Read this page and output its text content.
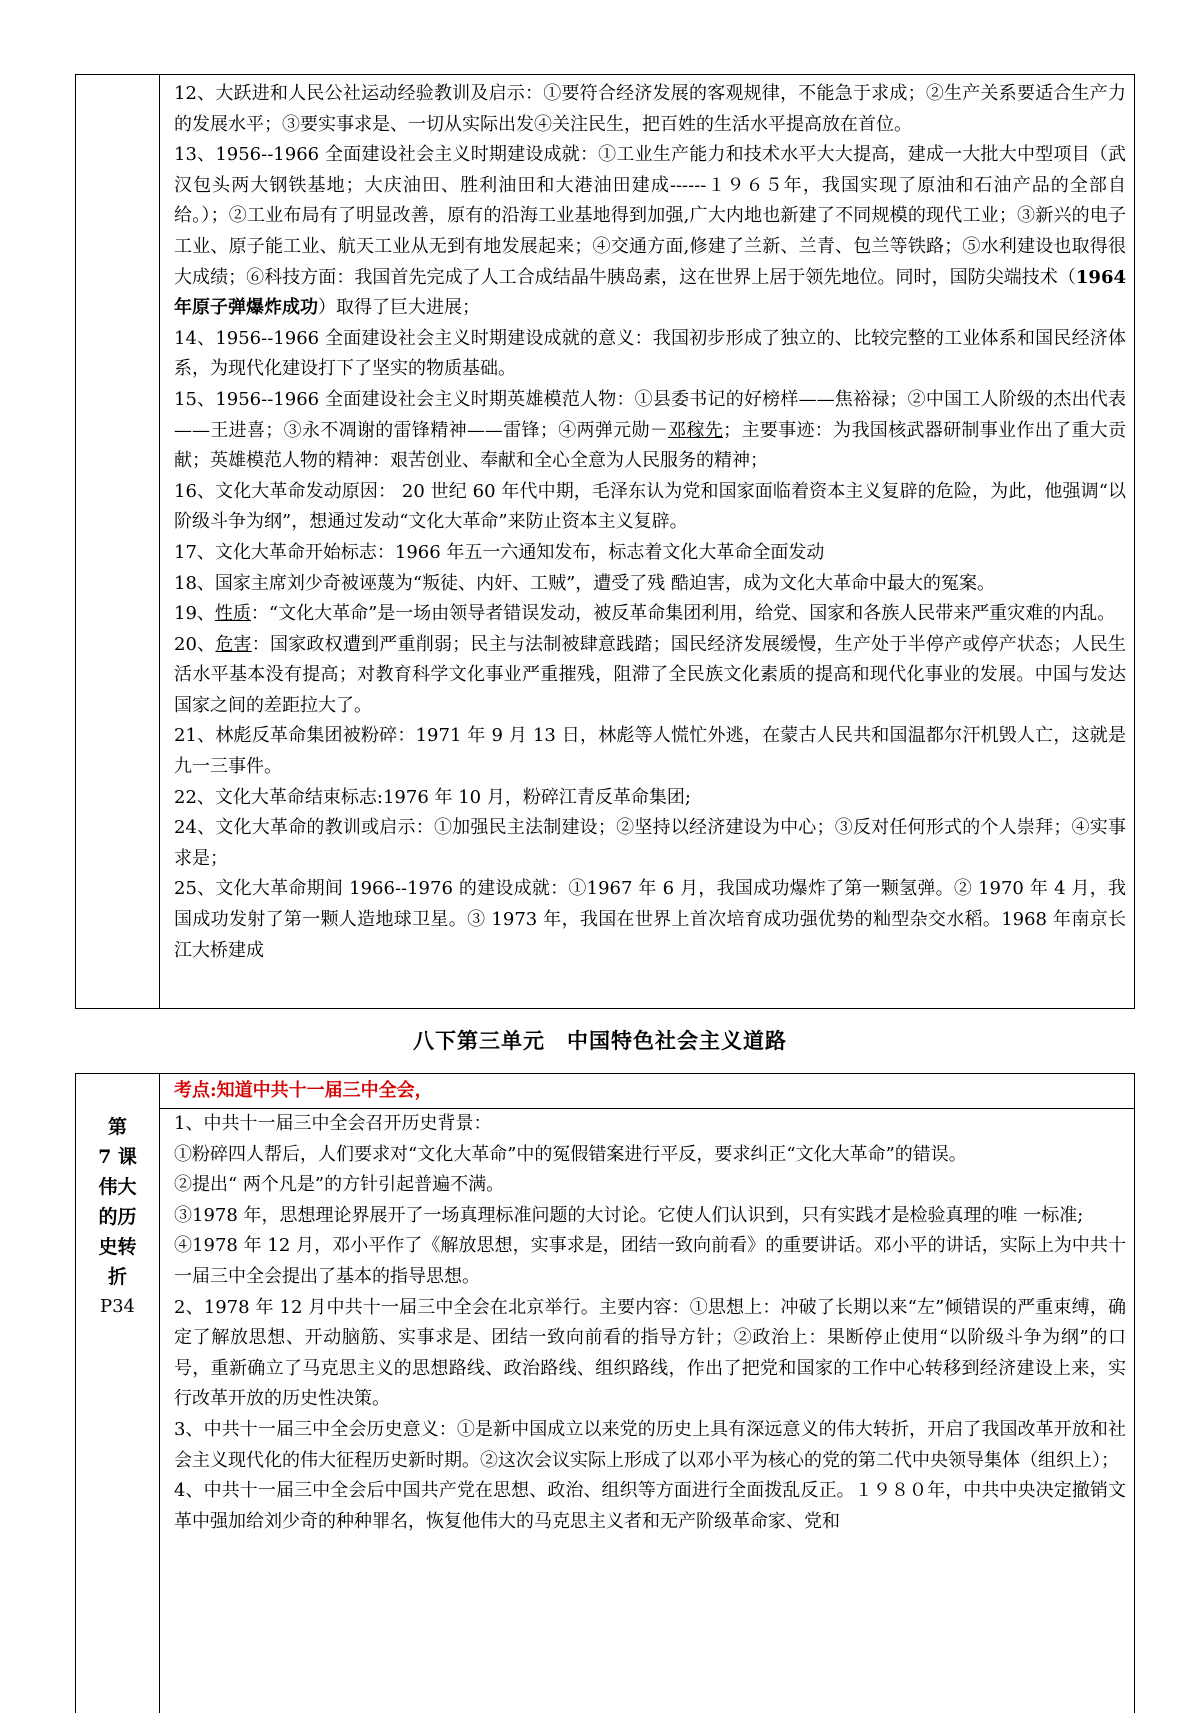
12、大跃进和人民公社运动经验教训及启示：①要符合经济发展的客观规律，不能急于求成；②生产关系要适合生产力的发展水平；③要实事求是、一切从实际出发④关注民生，把百姓的生活水平提高放在首位。

13、1956--1966 全面建设社会主义时期建设成就：①工业生产能力和技术水平大大提高，建成一大批大中型项目（武汉包头两大钢铁基地；大庆油田、胜利油田和大港油田建成------１９６５年，我国实现了原油和石油产品的全部自给。）；②工业布局有了明显改善，原有的沿海工业基地得到加强,广大内地也新建了不同规模的现代工业；③新兴的电子工业、原子能工业、航天工业从无到有地发展起来；④交通方面,修建了兰新、兰青、包兰等铁路；⑤水利建设也取得很大成绩；⑥科技方面：我国首先完成了人工合成结晶牛胰岛素，这在世界上居于领先地位。同时，国防尖端技术（1964 年原子弹爆炸成功）取得了巨大进展；

14、1956--1966 全面建设社会主义时期建设成就的意义：我国初步形成了独立的、比较完整的工业体系和国民经济体系，为现代化建设打下了坚实的物质基础。

15、1956--1966 全面建设社会主义时期英雄模范人物：①县委书记的好榜样——焦裕禄；②中国工人阶级的杰出代表——王进喜；③永不凋谢的雷锋精神——雷锋；④两弹元勋－邓稼先；主要事迹：为我国核武器研制事业作出了重大贡献；英雄模范人物的精神：艰苦创业、奉献和全心全意为人民服务的精神；

16、文化大革命发动原因： 20 世纪 60 年代中期，毛泽东认为党和国家面临着资本主义复辟的危险，为此，他强调“以阶级斗争为纲”，想通过发动“文化大革命”来防止资本主义复辟。

17、文化大革命开始标志：1966 年五一六通知发布，标志着文化大革命全面发动

18、国家主席刘少奇被诬蔑为“叛徒、内奸、工贼”，遭受了残 酷迫害，成为文化大革命中最大的冤案。

19、性质：“文化大革命”是一场由领导者错误发动，被反革命集团利用，给党、国家和各族人民带来严重灾难的内乱。

20、危害：国家政权遭到严重削弱；民主与法制被肆意践踏；国民经济发展缓慢，生产处于半停产或停产状态；人民生活水平基本没有提高；对教育科学文化事业严重摧残，阻滞了全民族文化素质的提高和现代化事业的发展。中国与发达国家之间的差距拉大了。

21、林彪反革命集团被粉碎：1971 年 9 月 13 日，林彪等人慌忙外逃，在蒙古人民共和国温都尔汗机毁人亡，这就是九一三事件。

22、文化大革命结束标志:1976 年 10 月，粉碎江青反革命集团;

24、文化大革命的教训或启示：①加强民主法制建设；②坚持以经济建设为中心；③反对任何形式的个人崇拜；④实事求是；

25、文化大革命期间 1966--1976 的建设成就：①1967 年 6 月，我国成功爆炸了第一颗氢弹。② 1970 年 4 月，我国成功发射了第一颗人造地球卫星。③ 1973 年，我国在世界上首次培育成功强优势的籼型杂交水稻。1968 年南京长江大桥建成

八下第三单元　中国特色社会主义道路
第
7 课
伟大
的历
史转
折
P34

考点:知道中共十一届三中全会，

1、中共十一届三中全会召开历史背景：

①粉碎四人帮后，人们要求对“文化大革命”中的冤假错案进行平反，要求纠正“文化大革命”的错误。

②提出“ 两个凡是”的方针引起普遍不满。

③1978 年，思想理论界展开了一场真理标准问题的大讨论。它使人们认识到，只有实践才是检验真理的唯 一标准;

④1978 年 12 月，邓小平作了《解放思想，实事求是，团结一致向前看》的重要讲话。邓小平的讲话，实际上为中共十一届三中全会提出了基本的指导思想。

2、1978 年 12 月中共十一届三中全会在北京举行。主要内容：①思想上：冲破了长期以来“左”倾错误的严重束缚，确定了解放思想、开动脑筋、实事求是、团结一致向前看的指导方针；②政治上：果断停止使用“以阶级斗争为纲”的口号，重新确立了马克思主义的思想路线、政治路线、组织路线，作出了把党和国家的工作中心转移到经济建设上来，实行改革开放的历史性决策。

3、中共十一届三中全会历史意义：①是新中国成立以来党的历史上具有深远意义的伟大转折，开启了我国改革开放和社会主义现代化的伟大征程历史新时期。②这次会议实际上形成了以邓小平为核心的党的第二代中央领导集体（组织上）；

4、中共十一届三中全会后中国共产党在思想、政治、组织等方面进行全面拨乱反正。１９８０年，中共中央决定撤销文革中强加给刘少奇的种种罪名，恢复他伟大的马克思主义者和无产阶级革命家、党和
